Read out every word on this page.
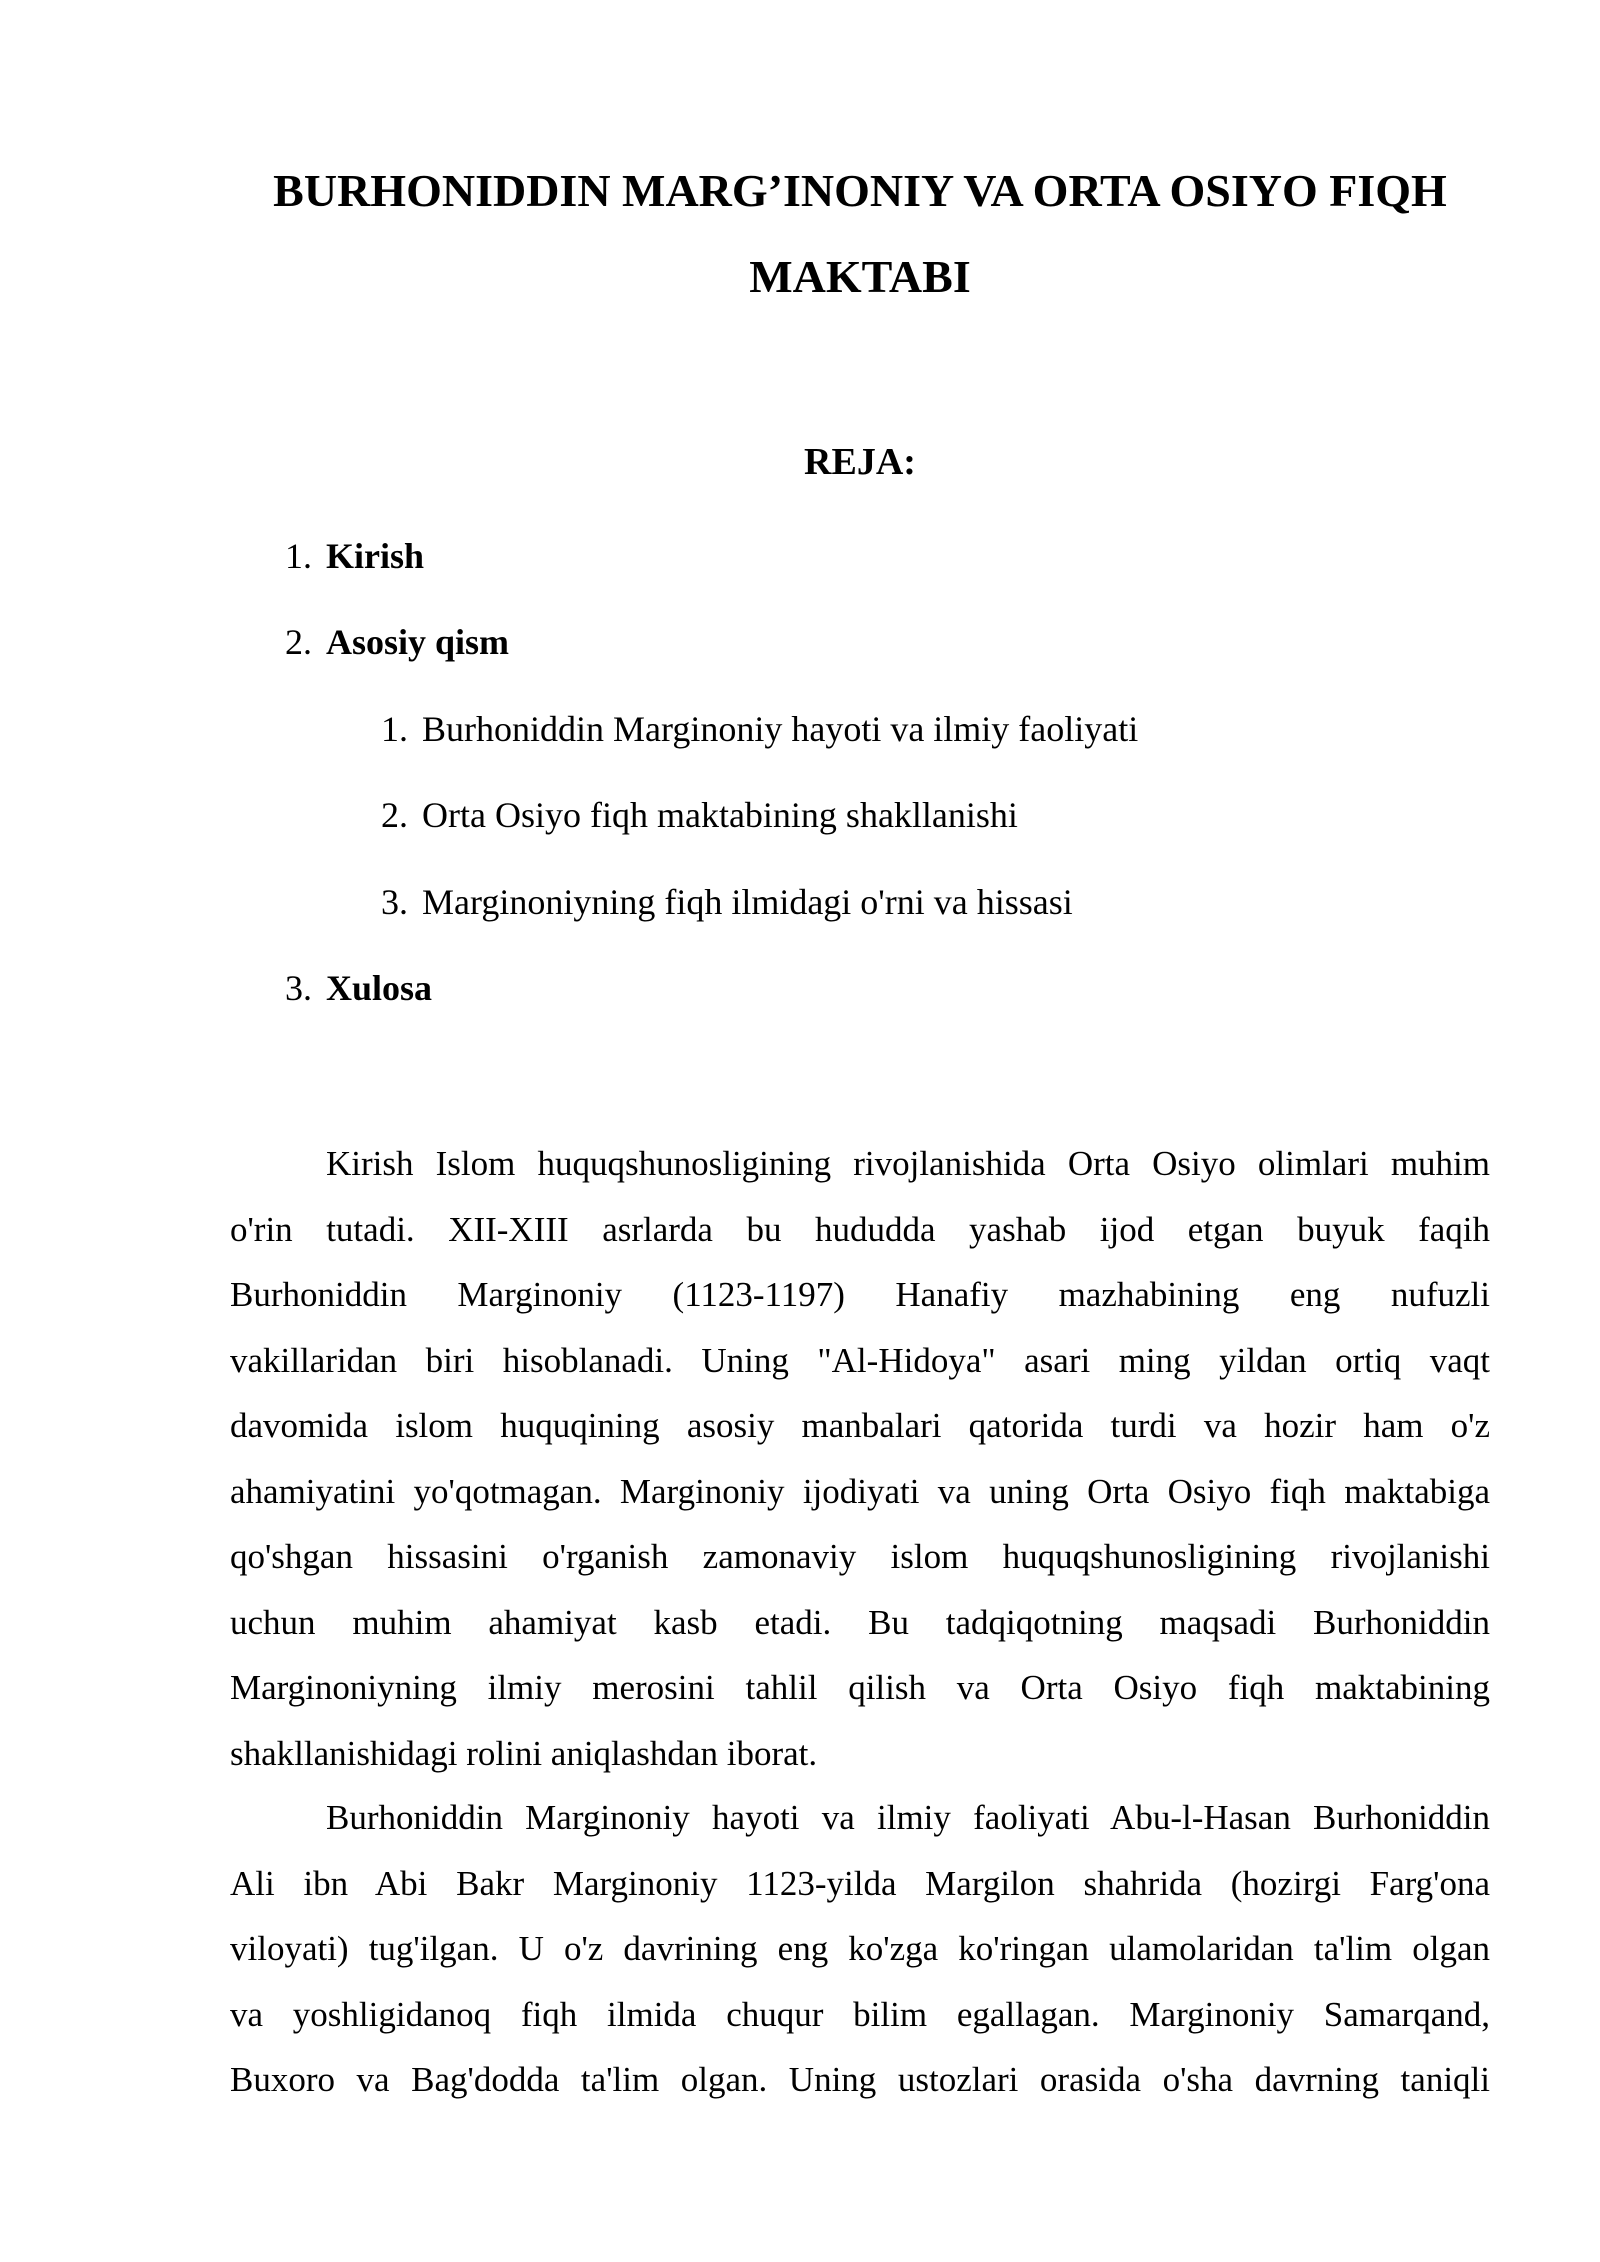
BURHONIDDIN MARG’INONIY VA ORTA OSIYO FIQH
MAKTABI
REJA:
1. Kirish
2. Asosiy qism
1. Burhoniddin Marginoniy hayoti va ilmiy faoliyati
2. Orta Osiyo fiqh maktabining shakllanishi
3. Marginoniyning fiqh ilmidagi o'rni va hissasi
3. Xulosa
Kirish Islom huquqshunosligining rivojlanishida Orta Osiyo olimlari muhim
o'rin tutadi. XII-XIII asrlarda bu hududda yashab ijod etgan buyuk faqih
Burhoniddin Marginoniy (1123-1197) Hanafiy mazhabining eng nufuzli
vakillaridan biri hisoblanadi. Uning "Al-Hidoya" asari ming yildan ortiq vaqt
davomida islom huquqining asosiy manbalari qatorida turdi va hozir ham o'z
ahamiyatini yo'qotmagan. Marginoniy ijodiyati va uning Orta Osiyo fiqh maktabiga
qo'shgan hissasini o'rganish zamonaviy islom huquqshunosligining rivojlanishi
uchun muhim ahamiyat kasb etadi. Bu tadqiqotning maqsadi Burhoniddin
Marginoniyning ilmiy merosini tahlil qilish va Orta Osiyo fiqh maktabining
shakllanishidagi rolini aniqlashdan iborat.
Burhoniddin Marginoniy hayoti va ilmiy faoliyati Abu-l-Hasan Burhoniddin
Ali ibn Abi Bakr Marginoniy 1123-yilda Margilon shahrida (hozirgi Farg'ona
viloyati) tug'ilgan. U o'z davrining eng ko'zga ko'ringan ulamolaridan ta'lim olgan
va yoshligidanoq fiqh ilmida chuqur bilim egallagan. Marginoniy Samarqand,
Buxoro va Bag'dodda ta'lim olgan. Uning ustozlari orasida o'sha davrning taniqli
